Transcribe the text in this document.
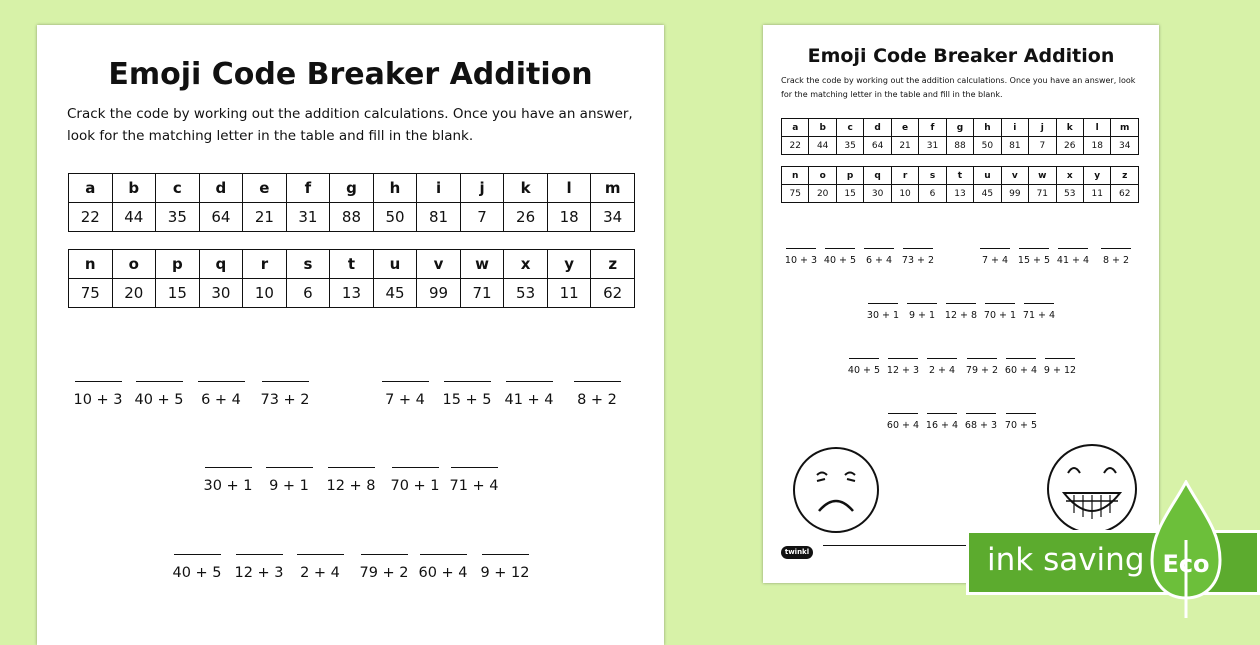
Emoji Code Breaker Addition
Crack the code by working out the addition calculations. Once you have an answer, look for the matching letter in the table and fill in the blank.
a	b	c	d	e	f	g	h	i	j	k	l	m
22	44	35	64	21	31	88	50	81	7	26	18	34
n	o	p	q	r	s	t	u	v	w	x	y	z
75	20	15	30	10	6	13	45	99	71	53	11	62
10 + 3 40 + 5	6 + 4	73 + 2	7 + 4	15 + 5 41 + 4	8 + 2
30 + 1	9 + 1	12 + 8	70 + 1 71 + 4
40 + 5 12 + 3	2 + 4	79 + 2 60 + 4 9 + 12
Emoji Code Breaker Addition
Crack the code by working out the addition calculations. Once you have an answer, look for the matching letter in the table and fill in the blank.
a	b	c	d	e	f	g	h	i	j	k	l	m
22	44	35	64	21	31	88	50	81	7	26	18	34
n	o	p	q	r	s	t	u	v	w	x	y	z
75	20	15	30	10	6	13	45	99	71	53	11	62
10 + 3 40 + 5	6 + 4	73 + 2	7 + 4	15 + 5 41 + 4	8 + 2
30 + 1	9 + 1	12 + 8 70 + 1 71 + 4
40 + 5 12 + 3	2 + 4	79 + 2 60 + 4 9 + 12
60 + 4 16 + 4 68 + 3 70 + 5
twinkl	ink saving Eco
